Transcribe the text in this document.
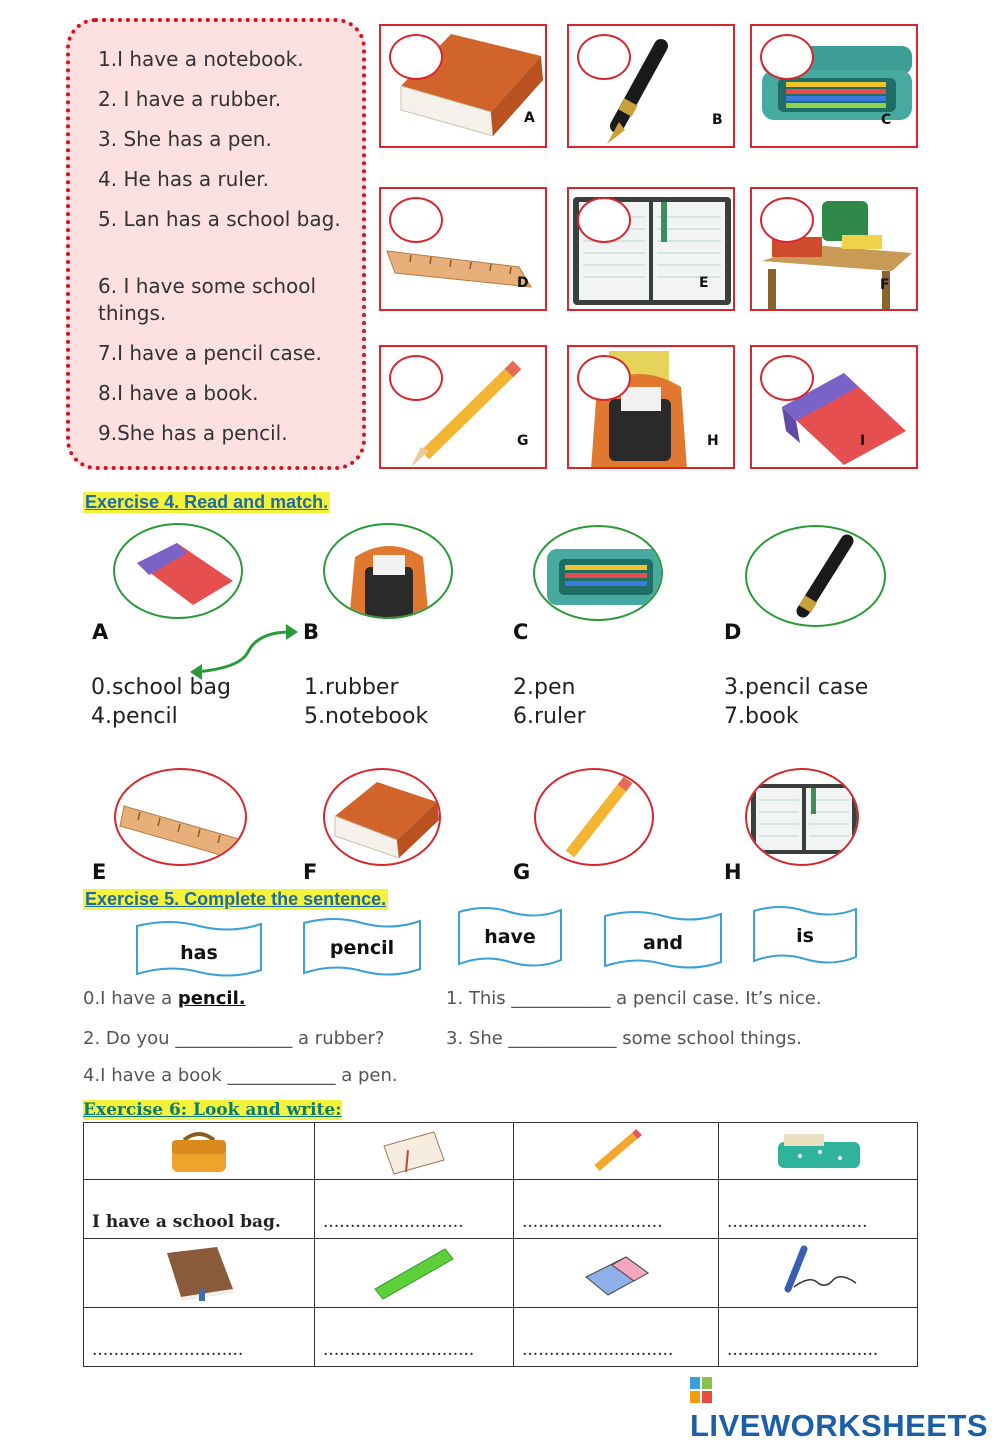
1.I have a notebook.
2. I have a rubber.
3. She has a pen.
4. He has a ruler.
5. Lan has a school bag.
6. I have some school things.
7.I have a pencil case.
8.I have a book.
9.She has a pencil.
A	B	C
D	E	F
G	H	I
Exercise 4. Read and match.
A	B	C	D
0.school bag	1.rubber	2.pen	3.pencil case
4.pencil	5.notebook	6.ruler	7.book
E	F	G	H
Exercise 5. Complete the sentence.
has	pencil	have	and	is
0.I have a pencil.	1. This ___________ a pencil case. It’s nice.
2. Do you _____________ a rubber?	3. She ____________ some school things.
4.I have a book ____________ a pen.
Exercise 6: Look and write:

I have a school bag.	..........................	..........................	..........................

............................	............................	............................	............................
LIVEWORKSHEETS
